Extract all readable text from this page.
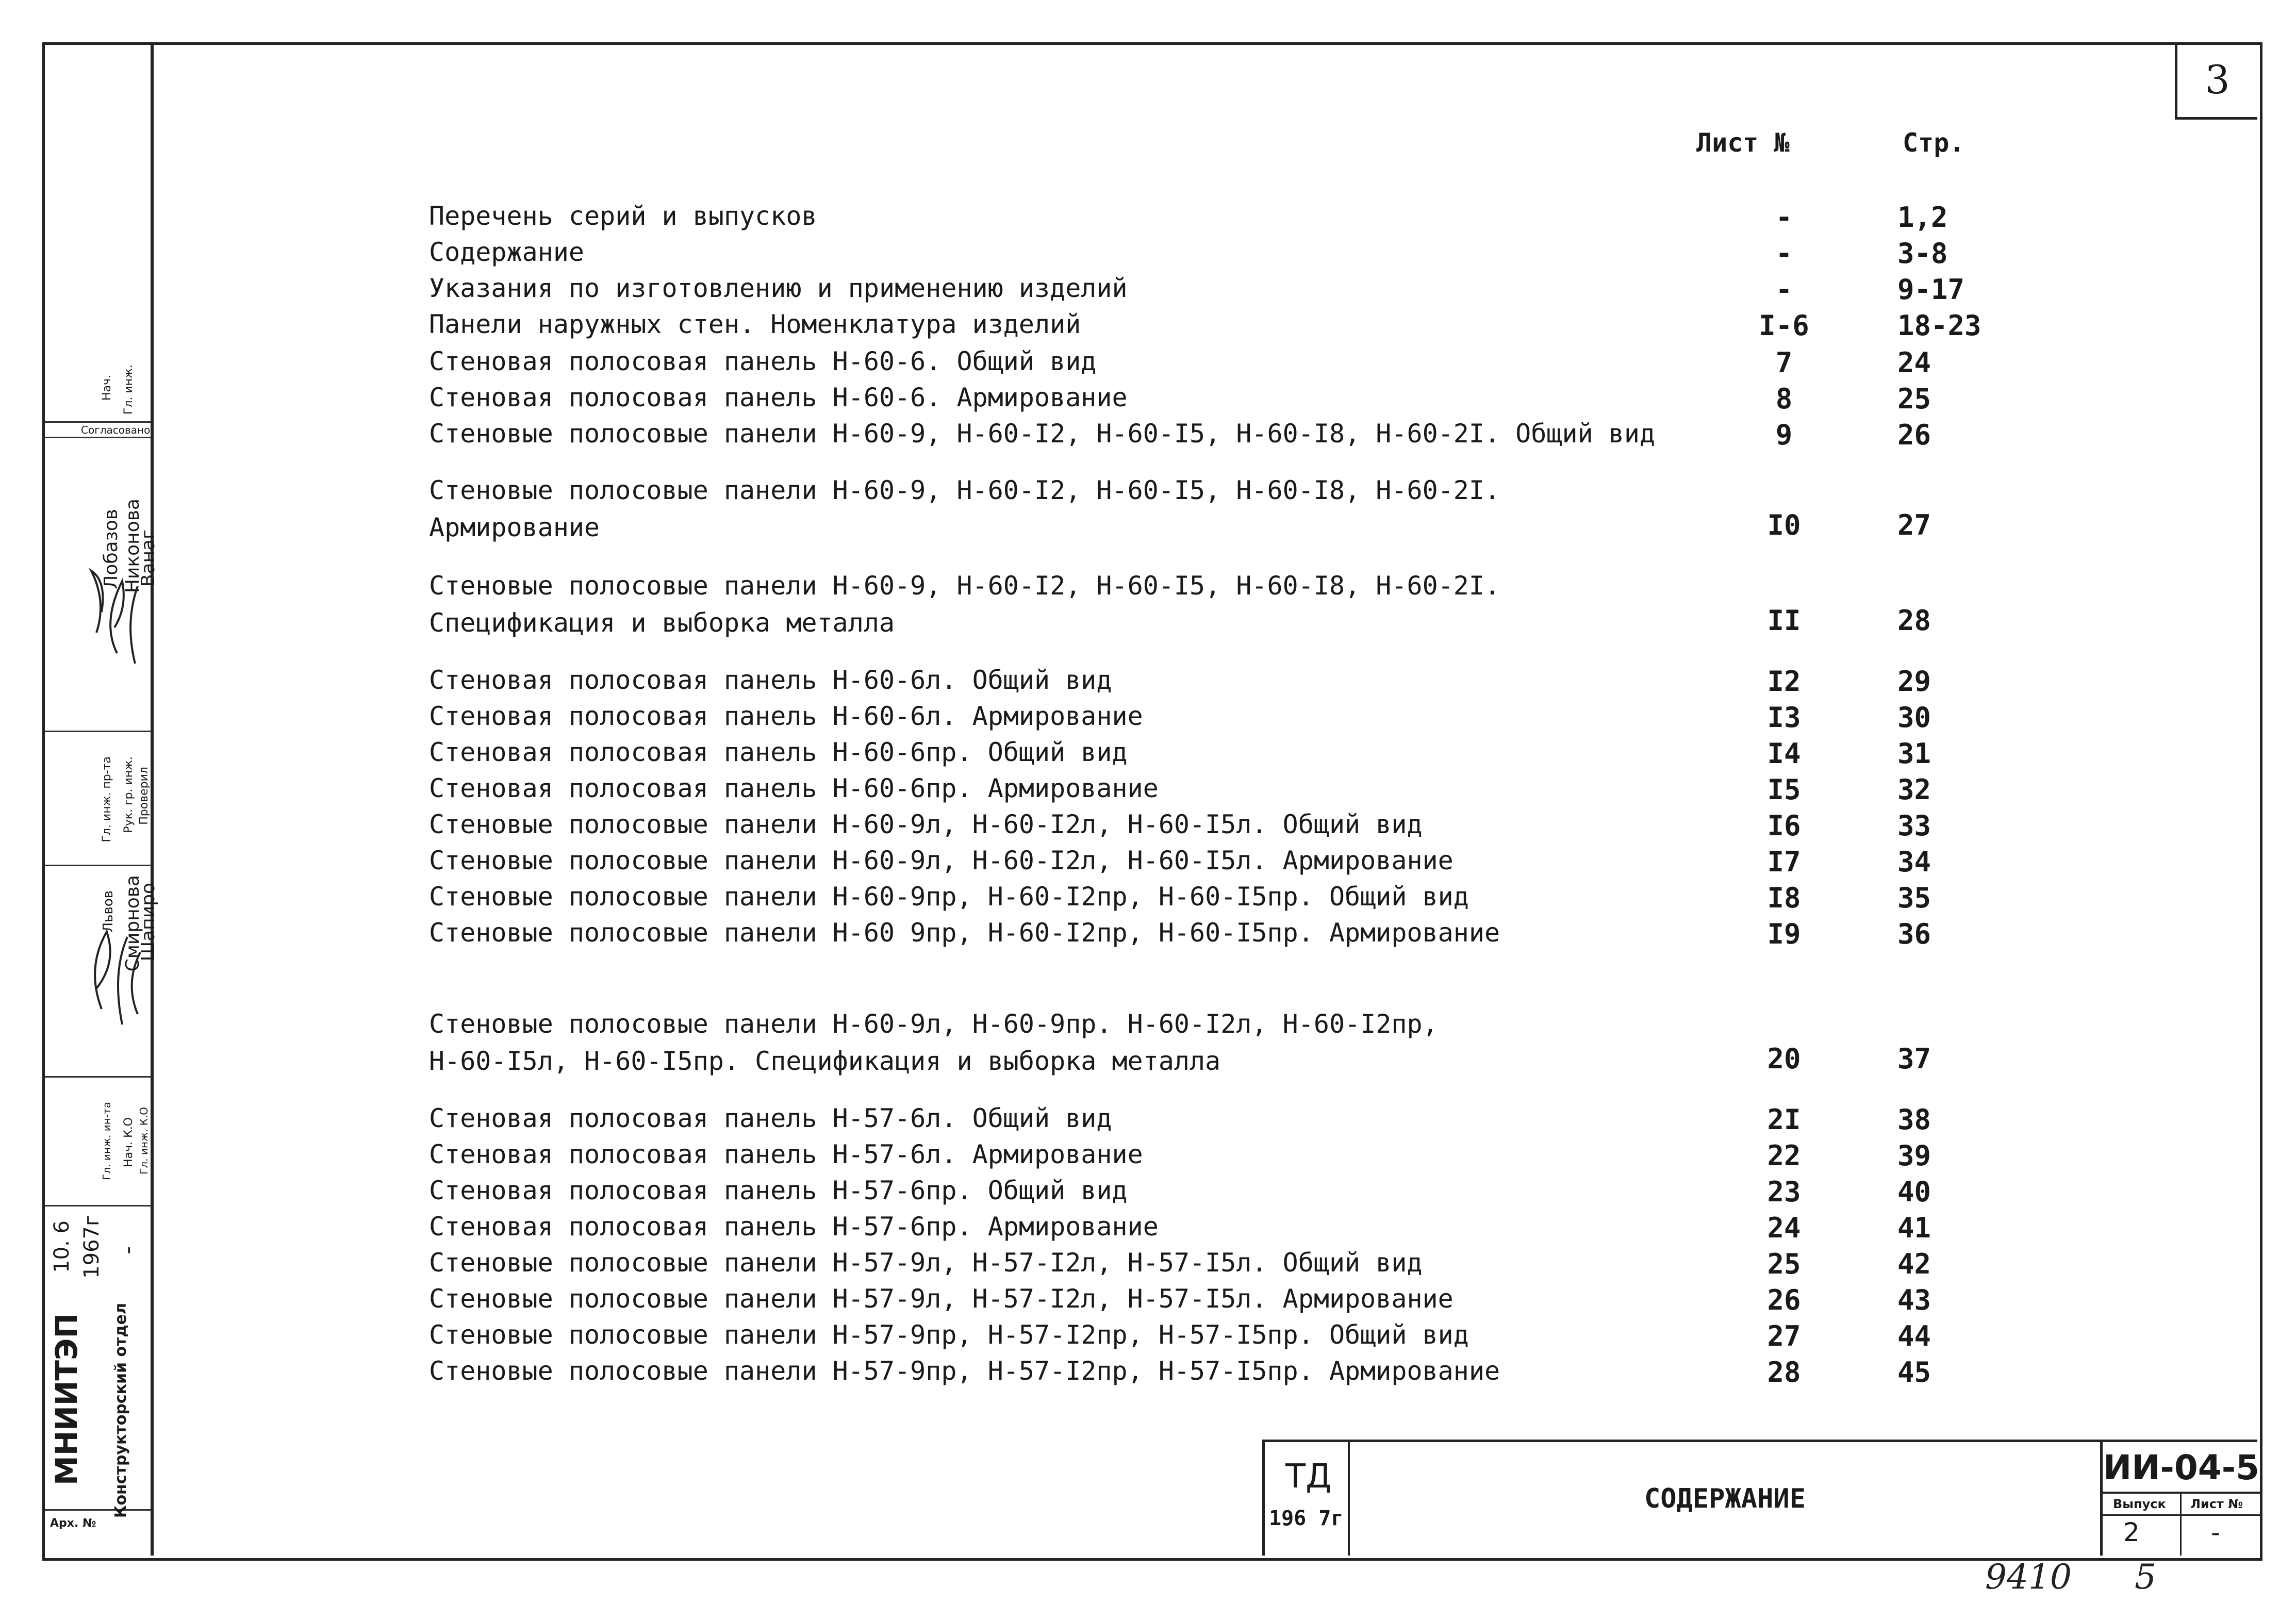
3
Лист №	Стр.
Перечень серий и выпусков	-	1,2
Содержание	-	3-8
Указания по изготовлению и применению изделий	-	9-17
Панели наружных стен. Номенклатура изделий	I-6	18-23
Стеновая полосовая панель Н-60-6. Общий вид	7	24
Стеновая полосовая панель Н-60-6. Армирование	8	25
Стеновые полосовые панели Н-60-9, Н-60-I2, Н-60-I5, Н-60-I8, Н-60-2I. Общий вид	9	26
Стеновые полосовые панели Н-60-9, Н-60-I2, Н-60-I5, Н-60-I8, Н-60-2I.
Армирование	I0	27
Стеновые полосовые панели Н-60-9, Н-60-I2, Н-60-I5, Н-60-I8, Н-60-2I.
Спецификация и выборка металла	II	28
Стеновая полосовая панель Н-60-6л. Общий вид	I2	29
Стеновая полосовая панель Н-60-6л. Армирование	I3	30
Стеновая полосовая панель Н-60-6пр. Общий вид	I4	31
Стеновая полосовая панель Н-60-6пр. Армирование	I5	32
Стеновые полосовые панели Н-60-9л, Н-60-I2л, Н-60-I5л. Общий вид	I6	33
Стеновые полосовые панели Н-60-9л, Н-60-I2л, Н-60-I5л. Армирование	I7	34
Стеновые полосовые панели Н-60-9пр, Н-60-I2пр, Н-60-I5пр. Общий вид	I8	35
Стеновые полосовые панели Н-60 9пр, Н-60-I2пр, Н-60-I5пр. Армирование	I9	36
Стеновые полосовые панели Н-60-9л, Н-60-9пр. Н-60-I2л, Н-60-I2пр,
Н-60-I5л, Н-60-I5пр. Спецификация и выборка металла	20	37
Стеновая полосовая панель Н-57-6л. Общий вид	2I	38
Стеновая полосовая панель Н-57-6л. Армирование	22	39
Стеновая полосовая панель Н-57-6пр. Общий вид	23	40
Стеновая полосовая панель Н-57-6пр. Армирование	24	41
Стеновые полосовые панели Н-57-9л, Н-57-I2л, Н-57-I5л. Общий вид	25	42
Стеновые полосовые панели Н-57-9л, Н-57-I2л, Н-57-I5л. Армирование	26	43
Стеновые полосовые панели Н-57-9пр, Н-57-I2пр, Н-57-I5пр. Общий вид	27	44
Стеновые полосовые панели Н-57-9пр, Н-57-I2пр, Н-57-I5пр. Армирование	28	45
МНИИТЭП Конструкторский отдел
10. 6 1967г -
Арх. №
Согласовано
Нач. Гл. инж.
Гл. инж. пр-та Рук. гр. инж. Проверил
Гл. инж. ин-та Нач. К.О Гл. инж. К.О
Лобазов Никонова
Ванаг
Львов Смирнова
Шапиро
ТД
196 7г
СОДЕРЖАНИЕ
ИИ-04-5
Выпуск Лист №
2	-
9410 5
